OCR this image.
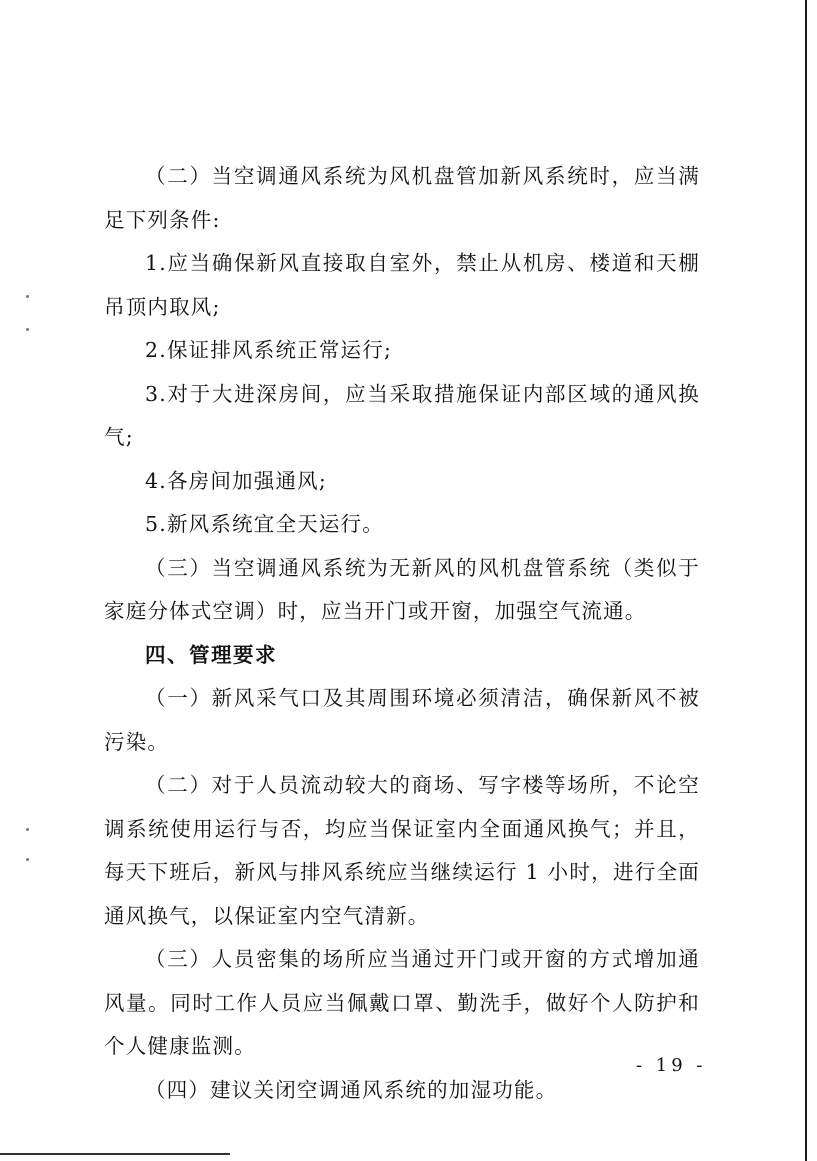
（二）当空调通风系统为风机盘管加新风系统时，应当满足下列条件:

1.应当确保新风直接取自室外，禁止从机房、楼道和天棚吊顶内取风;

2.保证排风系统正常运行;

3.对于大进深房间，应当采取措施保证内部区域的通风换气;

4.各房间加强通风;

5.新风系统宜全天运行。

（三）当空调通风系统为无新风的风机盘管系统（类似于家庭分体式空调）时，应当开门或开窗，加强空气流通。

四、管理要求

（一）新风采气口及其周围环境必须清洁，确保新风不被污染。

（二）对于人员流动较大的商场、写字楼等场所，不论空调系统使用运行与否，均应当保证室内全面通风换气；并且，每天下班后，新风与排风系统应当继续运行 1 小时，进行全面通风换气，以保证室内空气清新。

（三）人员密集的场所应当通过开门或开窗的方式增加通风量。同时工作人员应当佩戴口罩、勤洗手，做好个人防护和个人健康监测。

（四）建议关闭空调通风系统的加湿功能。

- 19 -
